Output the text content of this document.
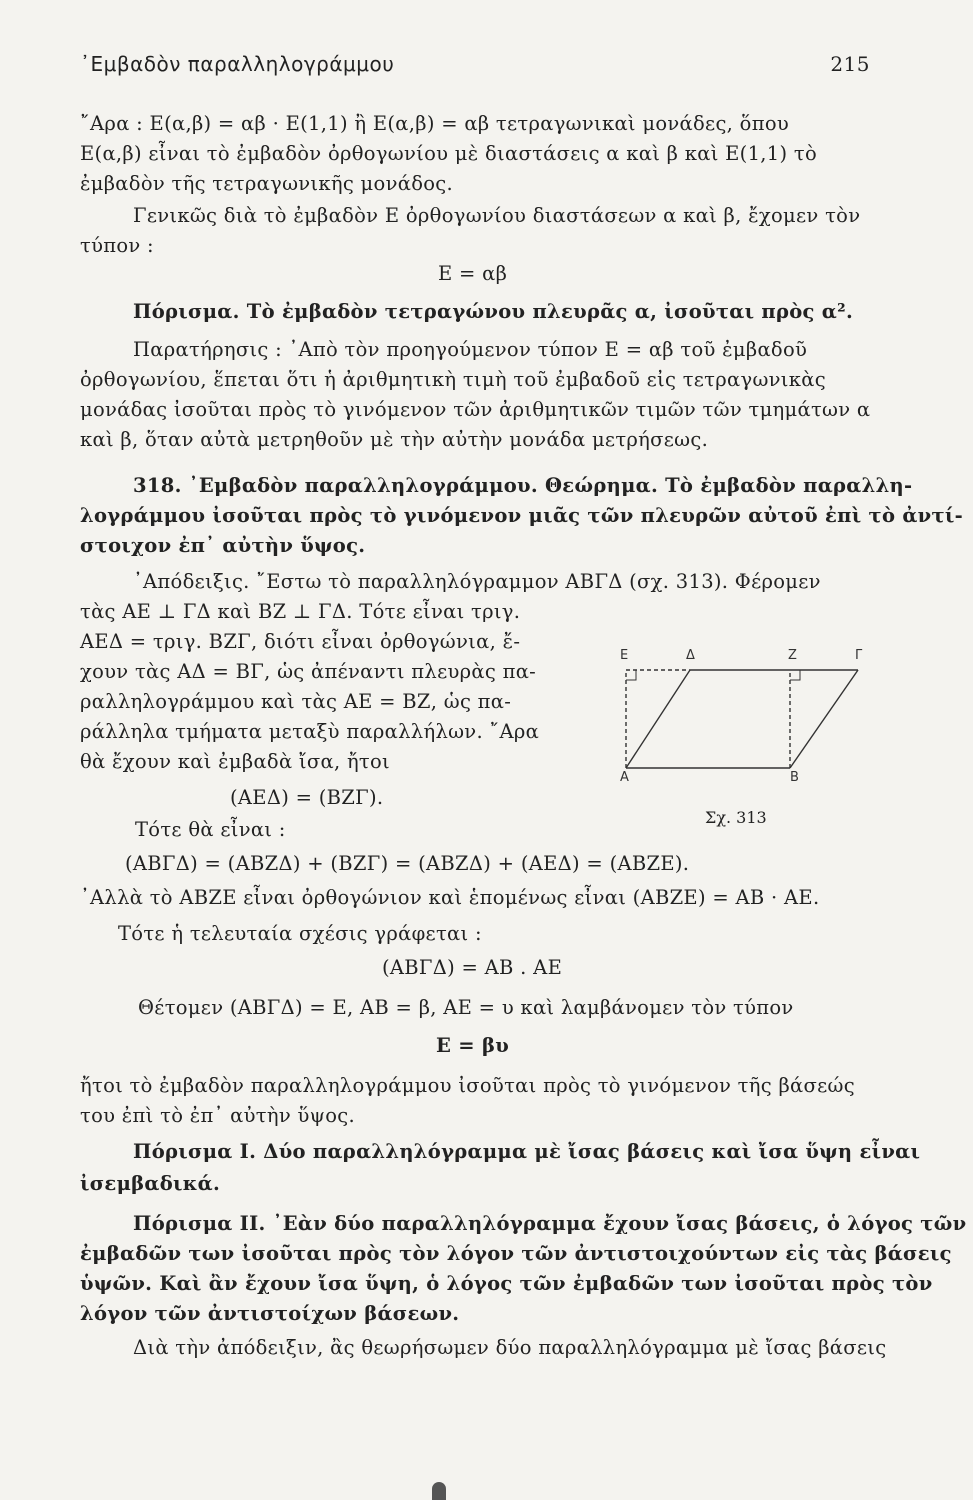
᾿Εμβαδὸν παραλληλογράμμου	215
῎Αρα : Ε(α,β) = αβ · Ε(1,1) ἢ Ε(α,β) = αβ τετραγωνικαὶ μονάδες, ὅπου
Ε(α,β) εἶναι τὸ ἐμβαδὸν ὀρθογωνίου μὲ διαστάσεις α καὶ β καὶ Ε(1,1) τὸ
ἐμβαδὸν τῆς τετραγωνικῆς μονάδος.
Γενικῶς διὰ τὸ ἐμβαδὸν Ε ὀρθογωνίου διαστάσεων α καὶ β, ἔχομεν τὸν
τύπον :
Ε = αβ
Πόρισμα. Τὸ ἐμβαδὸν τετραγώνου πλευρᾶς α, ἰσοῦται πρὸς α².
Παρατήρησις : ᾿Απὸ τὸν προηγούμενον τύπον Ε = αβ τοῦ ἐμβαδοῦ
ὀρθογωνίου, ἕπεται ὅτι ἡ ἀριθμητικὴ τιμὴ τοῦ ἐμβαδοῦ εἰς τετραγωνικὰς
μονάδας ἰσοῦται πρὸς τὸ γινόμενον τῶν ἀριθμητικῶν τιμῶν τῶν τμημάτων α
καὶ β, ὅταν αὐτὰ μετρηθοῦν μὲ τὴν αὐτὴν μονάδα μετρήσεως.
318. ᾿Εμβαδὸν παραλληλογράμμου. Θεώρημα. Τὸ ἐμβαδὸν παραλλη-
λογράμμου ἰσοῦται πρὸς τὸ γινόμενον μιᾶς τῶν πλευρῶν αὐτοῦ ἐπὶ τὸ ἀντί-
στοιχον ἐπ᾿ αὐτὴν ὕψος.
᾿Απόδειξις. ῎Εστω τὸ παραλληλόγραμμον ΑΒΓΔ (σχ. 313). Φέρομεν
τὰς ΑΕ ⊥ ΓΔ καὶ ΒΖ ⊥ ΓΔ. Τότε εἶναι τριγ.
ΑΕΔ = τριγ. ΒΖΓ, διότι εἶναι ὀρθογώνια, ἔ-
χουν τὰς ΑΔ = ΒΓ, ὡς ἀπέναντι πλευρὰς πα-
ραλληλογράμμου καὶ τὰς ΑΕ = ΒΖ, ὡς πα-
ράλληλα τμήματα μεταξὺ παραλλήλων. ῎Αρα
θὰ ἔχουν καὶ ἐμβαδὰ ἴσα, ἤτοι
(ΑΕΔ) = (ΒΖΓ).
Τότε θὰ εἶναι :
(ΑΒΓΔ) = (ΑΒΖΔ) + (ΒΖΓ) = (ΑΒΖΔ) + (ΑΕΔ) = (ΑΒΖΕ).
᾿Αλλὰ τὸ ΑΒΖΕ εἶναι ὀρθογώνιον καὶ ἑπομένως εἶναι (ΑΒΖΕ) = ΑΒ · ΑΕ.
Τότε ἡ τελευταία σχέσις γράφεται :
(ΑΒΓΔ) = ΑΒ . ΑΕ
Θέτομεν (ΑΒΓΔ) = Ε, ΑΒ = β, ΑΕ = υ καὶ λαμβάνομεν τὸν τύπον
Ε = βυ
ἤτοι τὸ ἐμβαδὸν παραλληλογράμμου ἰσοῦται πρὸς τὸ γινόμενον τῆς βάσεώς
του ἐπὶ τὸ ἐπ᾿ αὐτὴν ὕψος.
Πόρισμα I. Δύο παραλληλόγραμμα μὲ ἴσας βάσεις καὶ ἴσα ὕψη εἶναι
ἰσεμβαδικά.
Πόρισμα II. ᾿Εὰν δύο παραλληλόγραμμα ἔχουν ἴσας βάσεις, ὁ λόγος τῶν
ἐμβαδῶν των ἰσοῦται πρὸς τὸν λόγον τῶν ἀντιστοιχούντων εἰς τὰς βάσεις
ὑψῶν. Καὶ ἂν ἔχουν ἴσα ὕψη, ὁ λόγος τῶν ἐμβαδῶν των ἰσοῦται πρὸς τὸν
λόγον τῶν ἀντιστοίχων βάσεων.
Διὰ τὴν ἀπόδειξιν, ἂς θεωρήσωμεν δύο παραλληλόγραμμα μὲ ἴσας βάσεις
Ε	Δ	Ζ	Γ
Α	Β
Σχ. 313
